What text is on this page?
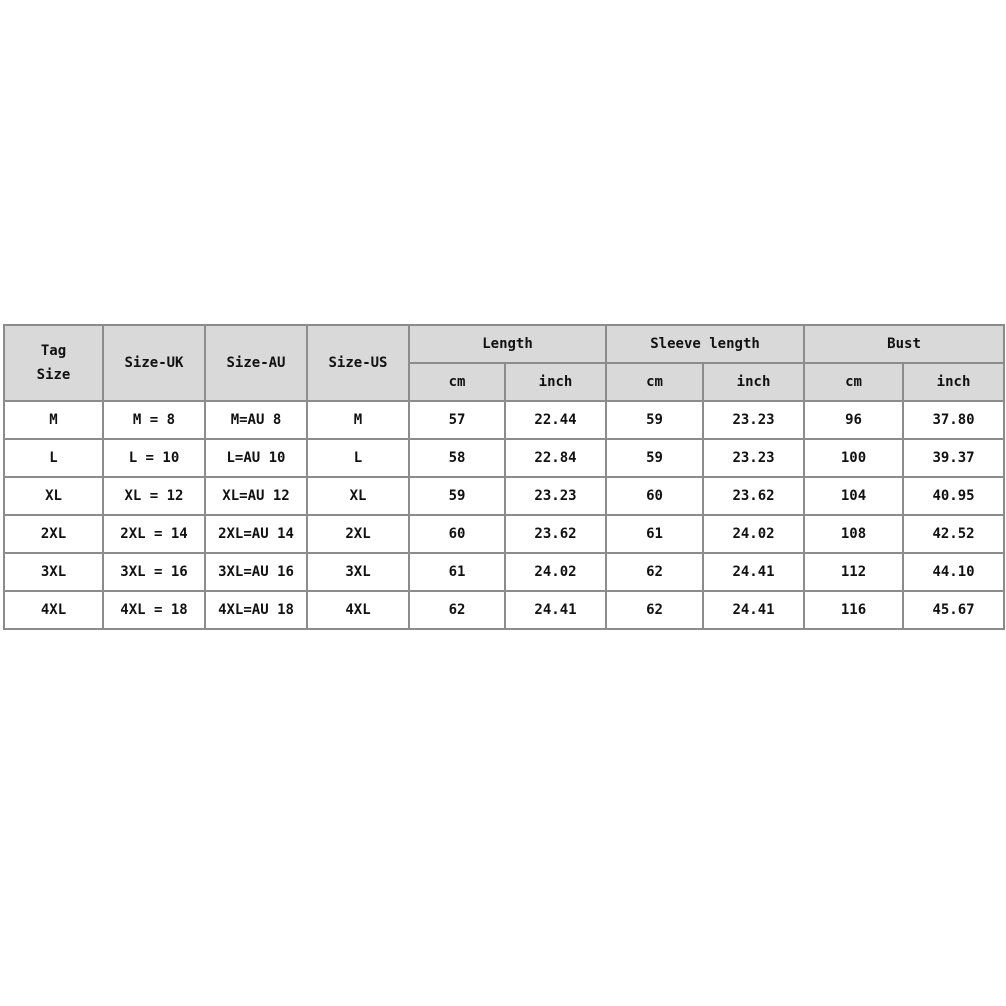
Tag
Size	Size-UK	Size-AU	Size-US	Length		Sleeve length		Bust	
				cm	inch	cm	inch	cm	inch
M	M = 8	M=AU 8	M	57	22.44	59	23.23	96	37.80
L	L = 10	L=AU 10	L	58	22.84	59	23.23	100	39.37
XL	XL = 12	XL=AU 12	XL	59	23.23	60	23.62	104	40.95
2XL	2XL = 14	2XL=AU 14	2XL	60	23.62	61	24.02	108	42.52
3XL	3XL = 16	3XL=AU 16	3XL	61	24.02	62	24.41	112	44.10
4XL	4XL = 18	4XL=AU 18	4XL	62	24.41	62	24.41	116	45.67
